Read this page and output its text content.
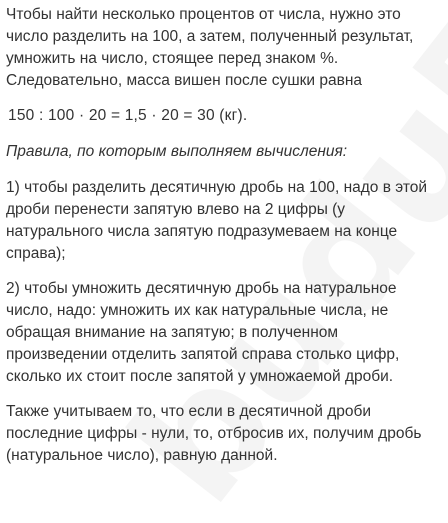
Чтобы найти несколько процентов от числа, нужно это число разделить на 100, а затем, полученный результат, умножить на число, стоящее перед знаком %. Следовательно, масса вишен после сушки равна

150 : 100 · 20 = 1,5 · 20 = 30 (кг).

Правила, по которым выполняем вычисления:

1) чтобы разделить десятичную дробь на 100, надо в этой дроби перенести запятую влево на 2 цифры (у натурального числа запятую подразумеваем на конце справа);

2) чтобы умножить десятичную дробь на натуральное число, надо: умножить их как натуральные числа, не обращая внимание на запятую; в полученном произведении отделить запятой справа столько цифр, сколько их стоит после запятой у умножаемой дроби.

Также учитываем то, что если в десятичной дроби последние цифры - нули, то, отбросив их, получим дробь (натуральное число), равную данной.
